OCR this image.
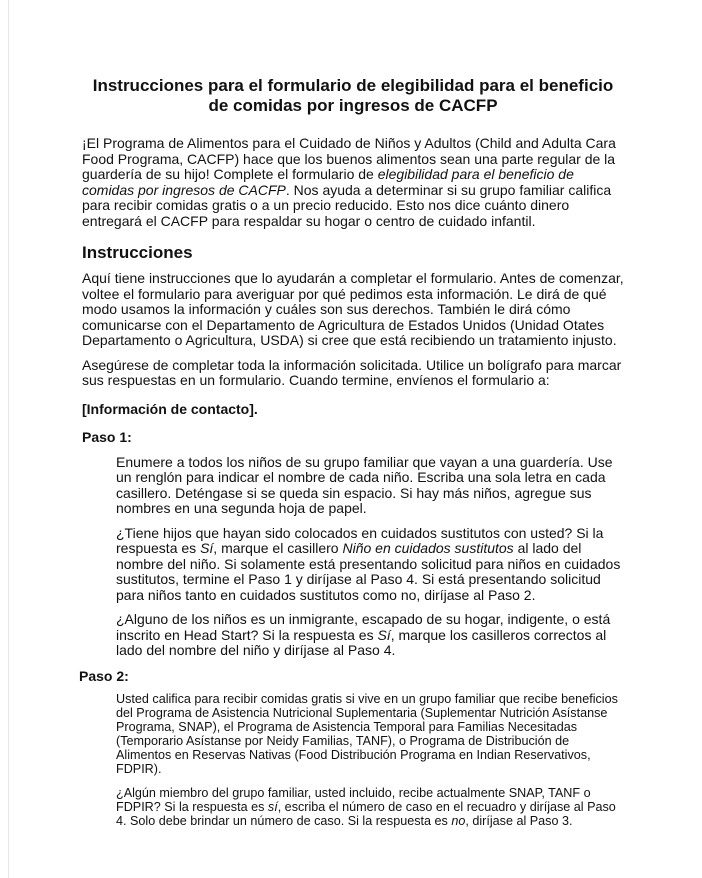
Instrucciones para el formulario de elegibilidad para el beneficio de comidas por ingresos de CACFP

¡El Programa de Alimentos para el Cuidado de Niños y Adultos (Child and Adulta Cara Food Programa, CACFP) hace que los buenos alimentos sean una parte regular de la guardería de su hijo! Complete el formulario de elegibilidad para el beneficio de comidas por ingresos de CACFP. Nos ayuda a determinar si su grupo familiar califica para recibir comidas gratis o a un precio reducido. Esto nos dice cuánto dinero entregará el CACFP para respaldar su hogar o centro de cuidado infantil.

Instrucciones

Aquí tiene instrucciones que lo ayudarán a completar el formulario. Antes de comenzar, voltee el formulario para averiguar por qué pedimos esta información. Le dirá de qué modo usamos la información y cuáles son sus derechos. También le dirá cómo comunicarse con el Departamento de Agricultura de Estados Unidos (Unidad Otates Departamento o Agricultura, USDA) si cree que está recibiendo un tratamiento injusto.

Asegúrese de completar toda la información solicitada. Utilice un bolígrafo para marcar sus respuestas en un formulario. Cuando termine, envíenos el formulario a:

[Información de contacto].
Paso 1:

Enumere a todos los niños de su grupo familiar que vayan a una guardería. Use un renglón para indicar el nombre de cada niño. Escriba una sola letra en cada casillero. Deténgase si se queda sin espacio. Si hay más niños, agregue sus nombres en una segunda hoja de papel.

¿Tiene hijos que hayan sido colocados en cuidados sustitutos con usted? Si la respuesta es Sí, marque el casillero Niño en cuidados sustitutos al lado del nombre del niño. Si solamente está presentando solicitud para niños en cuidados sustitutos, termine el Paso 1 y diríjase al Paso 4. Si está presentando solicitud para niños tanto en cuidados sustitutos como no, diríjase al Paso 2.

¿Alguno de los niños es un inmigrante, escapado de su hogar, indigente, o está inscrito en Head Start? Si la respuesta es Sí, marque los casilleros correctos al lado del nombre del niño y diríjase al Paso 4.

Paso 2:

Usted califica para recibir comidas gratis si vive en un grupo familiar que recibe beneficios del Programa de Asistencia Nutricional Suplementaria (Suplementar Nutrición Asístanse Programa, SNAP), el Programa de Asistencia Temporal para Familias Necesitadas (Temporario Asístanse por Neidy Familias, TANF), o Programa de Distribución de Alimentos en Reservas Nativas (Food Distribución Programa en Indian Reservativos, FDPIR).

¿Algún miembro del grupo familiar, usted incluido, recibe actualmente SNAP, TANF o FDPIR? Si la respuesta es sí, escriba el número de caso en el recuadro y diríjase al Paso 4. Solo debe brindar un número de caso. Si la respuesta es no, diríjase al Paso 3.
